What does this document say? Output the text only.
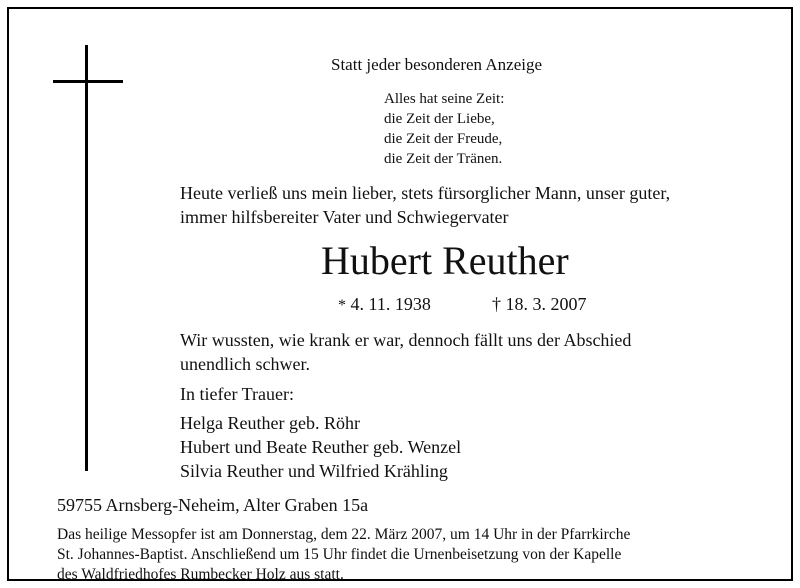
Statt jeder besonderen Anzeige
Alles hat seine Zeit:
die Zeit der Liebe,
die Zeit der Freude,
die Zeit der Tränen.
Heute verließ uns mein lieber, stets fürsorglicher Mann, unser guter,
immer hilfsbereiter Vater und Schwiegervater
Hubert Reuther
* 4. 11. 1938	† 18. 3. 2007
Wir wussten, wie krank er war, dennoch fällt uns der Abschied
unendlich schwer.
In tiefer Trauer:
Helga Reuther geb. Röhr
Hubert und Beate Reuther geb. Wenzel
Silvia Reuther und Wilfried Krähling
59755 Arnsberg-Neheim, Alter Graben 15a
Das heilige Messopfer ist am Donnerstag, dem 22. März 2007, um 14 Uhr in der Pfarrkirche
St. Johannes-Baptist. Anschließend um 15 Uhr findet die Urnenbeisetzung von der Kapelle
des Waldfriedhofes Rumbecker Holz aus statt.
